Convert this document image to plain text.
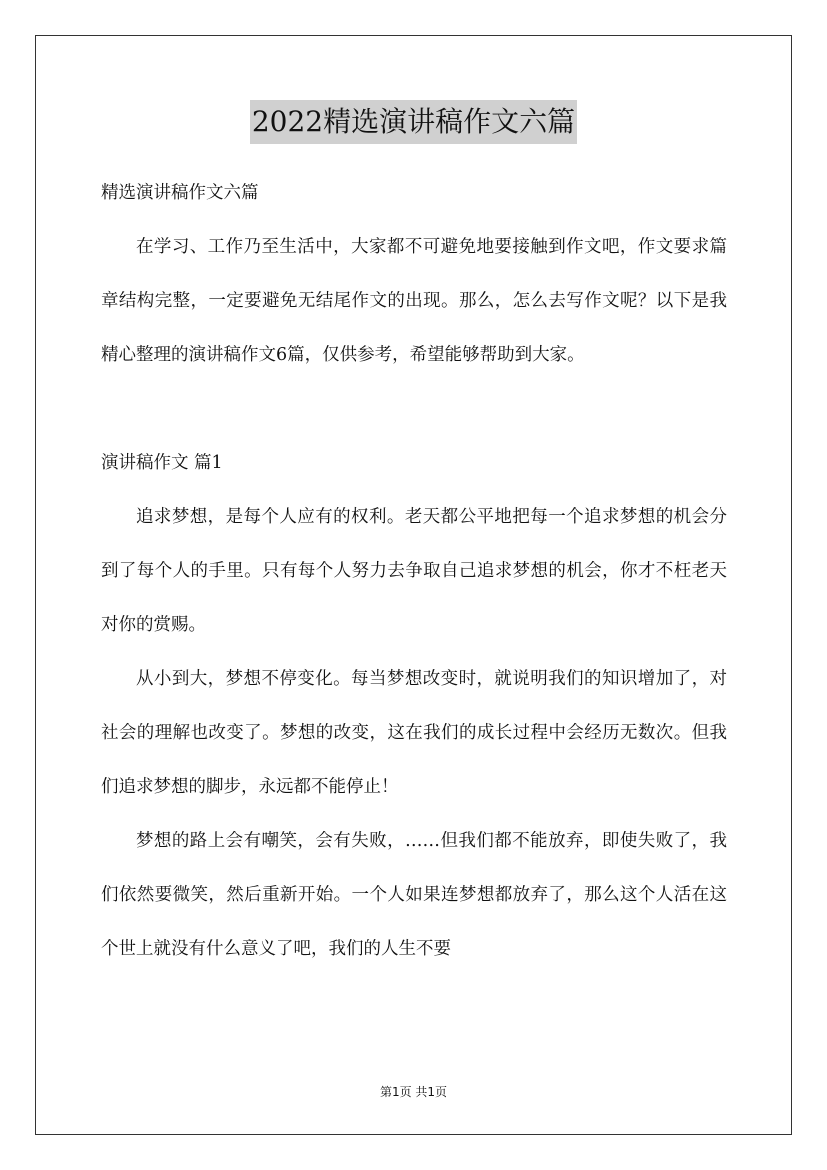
2022精选演讲稿作文六篇

精选演讲稿作文六篇

在学习、工作乃至生活中，大家都不可避免地要接触到作文吧，作文要求篇章结构完整，一定要避免无结尾作文的出现。那么，怎么去写作文呢？以下是我精心整理的演讲稿作文6篇，仅供参考，希望能够帮助到大家。

演讲稿作文 篇1

追求梦想，是每个人应有的权利。老天都公平地把每一个追求梦想的机会分到了每个人的手里。只有每个人努力去争取自己追求梦想的机会，你才不枉老天对你的赏赐。

从小到大，梦想不停变化。每当梦想改变时，就说明我们的知识增加了，对社会的理解也改变了。梦想的改变，这在我们的成长过程中会经历无数次。但我们追求梦想的脚步，永远都不能停止！

梦想的路上会有嘲笑，会有失败，……但我们都不能放弃，即使失败了，我们依然要微笑，然后重新开始。一个人如果连梦想都放弃了，那么这个人活在这个世上就没有什么意义了吧，我们的人生不要

第1页 共1页
